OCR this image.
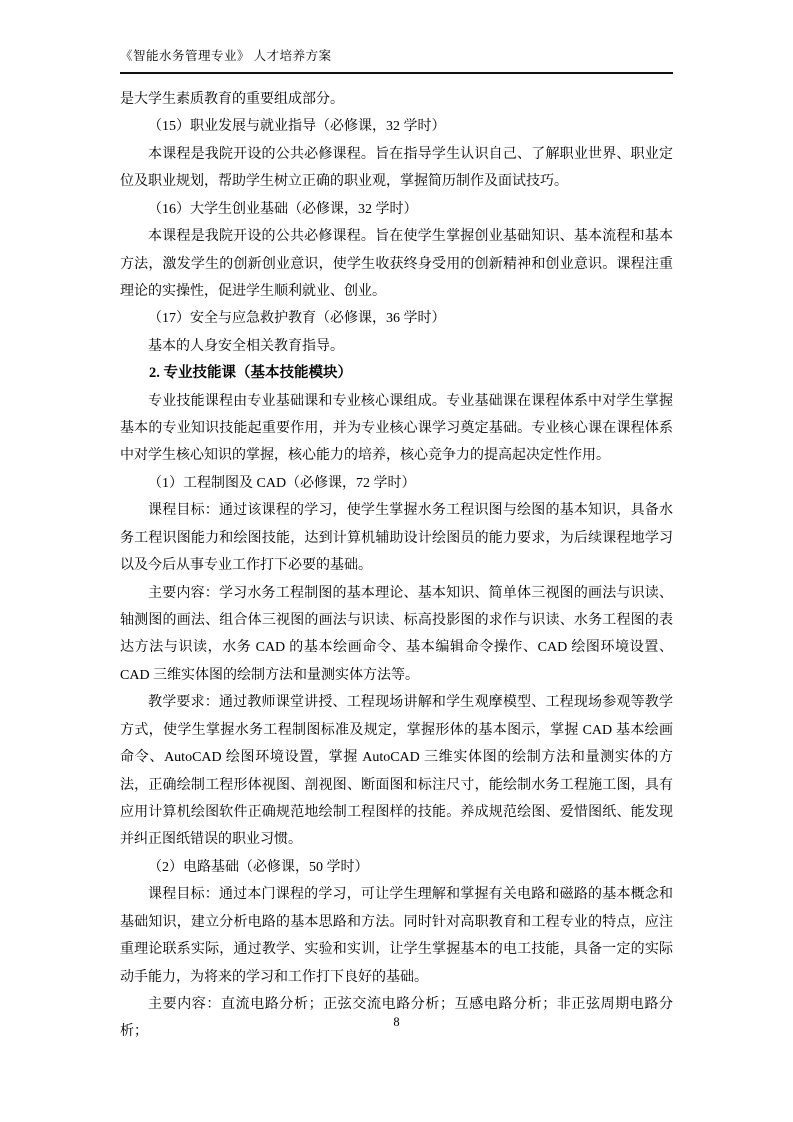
《智能水务管理专业》 人才培养方案

是大学生素质教育的重要组成部分。

（15）职业发展与就业指导（必修课，32 学时）

本课程是我院开设的公共必修课程。旨在指导学生认识自己、了解职业世界、职业定位及职业规划，帮助学生树立正确的职业观，掌握简历制作及面试技巧。

（16）大学生创业基础（必修课，32 学时）

本课程是我院开设的公共必修课程。旨在使学生掌握创业基础知识、基本流程和基本方法，激发学生的创新创业意识，使学生收获终身受用的创新精神和创业意识。课程注重理论的实操性，促进学生顺利就业、创业。

（17）安全与应急救护教育（必修课，36 学时）

基本的人身安全相关教育指导。

2. 专业技能课（基本技能模块）

专业技能课程由专业基础课和专业核心课组成。专业基础课在课程体系中对学生掌握基本的专业知识技能起重要作用，并为专业核心课学习奠定基础。专业核心课在课程体系中对学生核心知识的掌握，核心能力的培养，核心竞争力的提高起决定性作用。

（1）工程制图及 CAD（必修课，72 学时）

课程目标：通过该课程的学习，使学生掌握水务工程识图与绘图的基本知识，具备水务工程识图能力和绘图技能，达到计算机辅助设计绘图员的能力要求，为后续课程地学习以及今后从事专业工作打下必要的基础。

主要内容：学习水务工程制图的基本理论、基本知识、简单体三视图的画法与识读、轴测图的画法、组合体三视图的画法与识读、标高投影图的求作与识读、水务工程图的表达方法与识读，水务 CAD 的基本绘画命令、基本编辑命令操作、CAD 绘图环境设置、CAD 三维实体图的绘制方法和量测实体方法等。

教学要求：通过教师课堂讲授、工程现场讲解和学生观摩模型、工程现场参观等教学方式，使学生掌握水务工程制图标准及规定，掌握形体的基本图示，掌握 CAD 基本绘画命令、AutoCAD 绘图环境设置，掌握 AutoCAD 三维实体图的绘制方法和量测实体的方法，正确绘制工程形体视图、剖视图、断面图和标注尺寸，能绘制水务工程施工图，具有应用计算机绘图软件正确规范地绘制工程图样的技能。养成规范绘图、爱惜图纸、能发现并纠正图纸错误的职业习惯。

（2）电路基础（必修课，50 学时）

课程目标：通过本门课程的学习，可让学生理解和掌握有关电路和磁路的基本概念和基础知识，建立分析电路的基本思路和方法。同时针对高职教育和工程专业的特点，应注重理论联系实际，通过教学、实验和实训，让学生掌握基本的电工技能，具备一定的实际动手能力，为将来的学习和工作打下良好的基础。

主要内容：直流电路分析；正弦交流电路分析；互感电路分析；非正弦周期电路分析；

8
